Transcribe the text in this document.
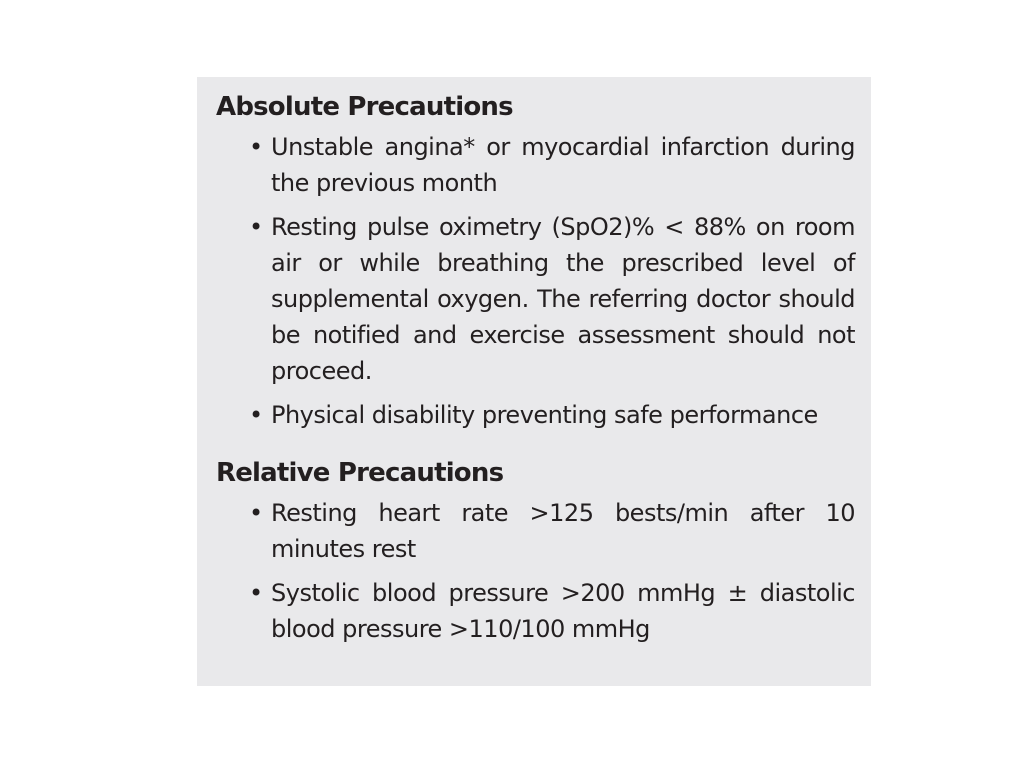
Absolute Precautions
• Unstable angina* or myocardial infarction during the previous month
• Resting pulse oximetry (SpO2)% < 88% on room air or while breathing the prescribed level of supplemental oxygen. The referring doctor should be notified and exercise assessment should not proceed.
• Physical disability preventing safe performance
Relative Precautions
• Resting heart rate >125 bests/min after 10 minutes rest
• Systolic blood pressure >200 mmHg ± diastolic blood pressure >110/100 mmHg
